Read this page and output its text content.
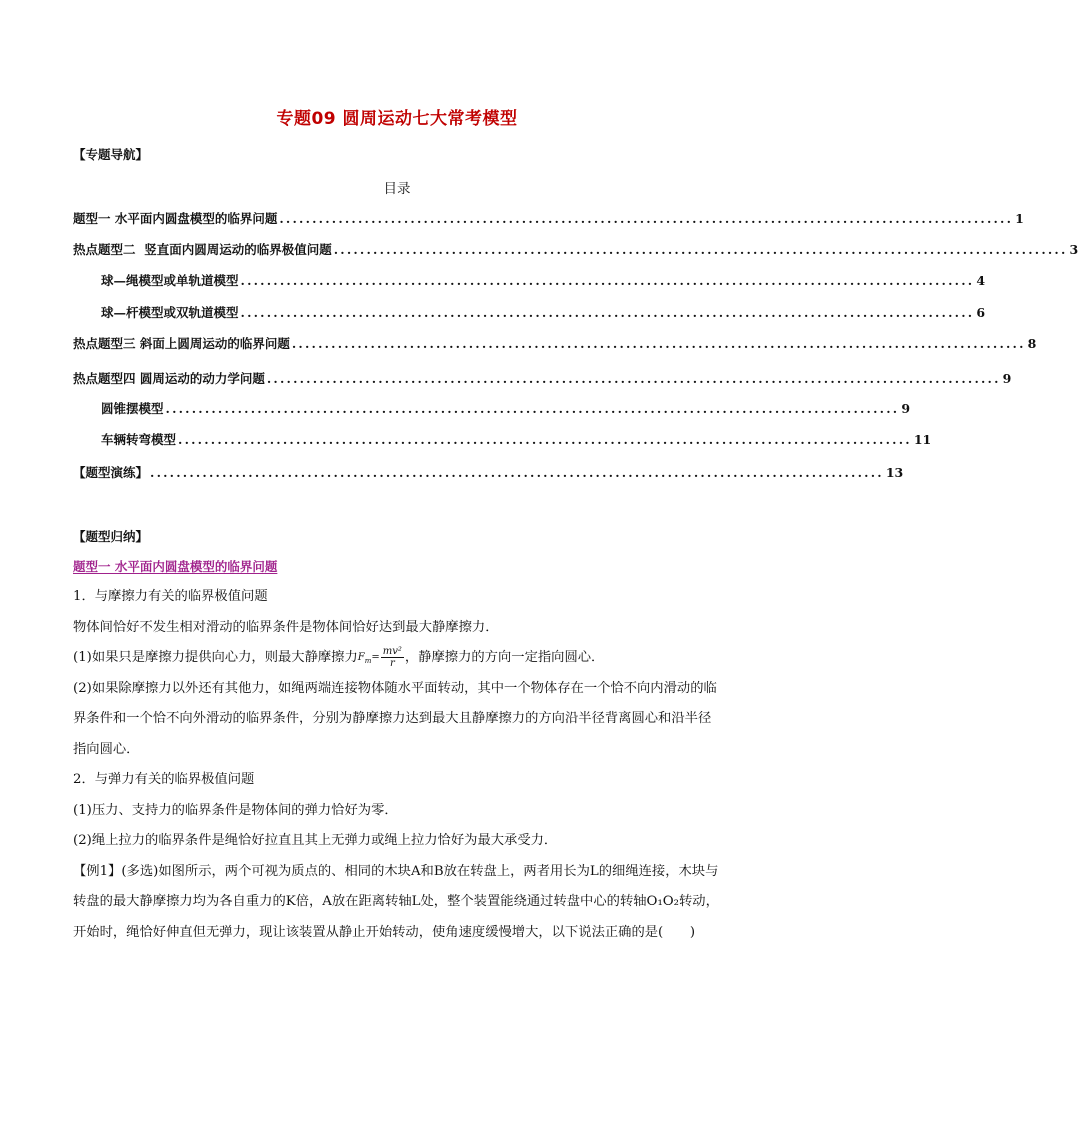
专题09 圆周运动七大常考模型
【专题导航】
目录
题型一 水平面内圆盘模型的临界问题 ................................................................................................................ 1
热点题型二  竖直面内圆周运动的临界极值问题 ................................................................................................................ 3
球—绳模型或单轨道模型 ................................................................................................................ 4
球—杆模型或双轨道模型 ................................................................................................................ 6
热点题型三 斜面上圆周运动的临界问题 ................................................................................................................ 8
热点题型四 圆周运动的动力学问题 ................................................................................................................ 9
圆锥摆模型 ................................................................................................................ 9
车辆转弯模型 ................................................................................................................ 11
【题型演练】 ................................................................................................................ 13
【题型归纳】
题型一 水平面内圆盘模型的临界问题

1．与摩擦力有关的临界极值问题

物体间恰好不发生相对滑动的临界条件是物体间恰好达到最大静摩擦力．

(1)如果只是摩擦力提供向心力，则最大静摩擦力$F_m= \frac{\text{mv²}}{r}$ ，静摩擦力的方向一定指向圆心．

(2)如果除摩擦力以外还有其他力，如绳两端连接物体随水平面转动，其中一个物体存在一个恰不向内滑动的临界条件和一个恰不向外滑动的临界条件，分别为静摩擦力达到最大且静摩擦力的方向沿半径背离圆心和沿半径指向圆心．

2．与弹力有关的临界极值问题

(1)压力、支持力的临界条件是物体间的弹力恰好为零．

(2)绳上拉力的临界条件是绳恰好拉直且其上无弹力或绳上拉力恰好为最大承受力．

【例1】(多选)如图所示，两个可视为质点的、相同的木块A和B放在转盘上，两者用长为L的细绳连接，木块与转盘的最大静摩擦力均为各自重力的K倍，A放在距离转轴L处，整个装置能绕通过转盘中心的转轴O₁O₂转动，开始时，绳恰好伸直但无弹力，现让该装置从静止开始转动，使角速度缓慢增大，以下说法正确的是(　　)
